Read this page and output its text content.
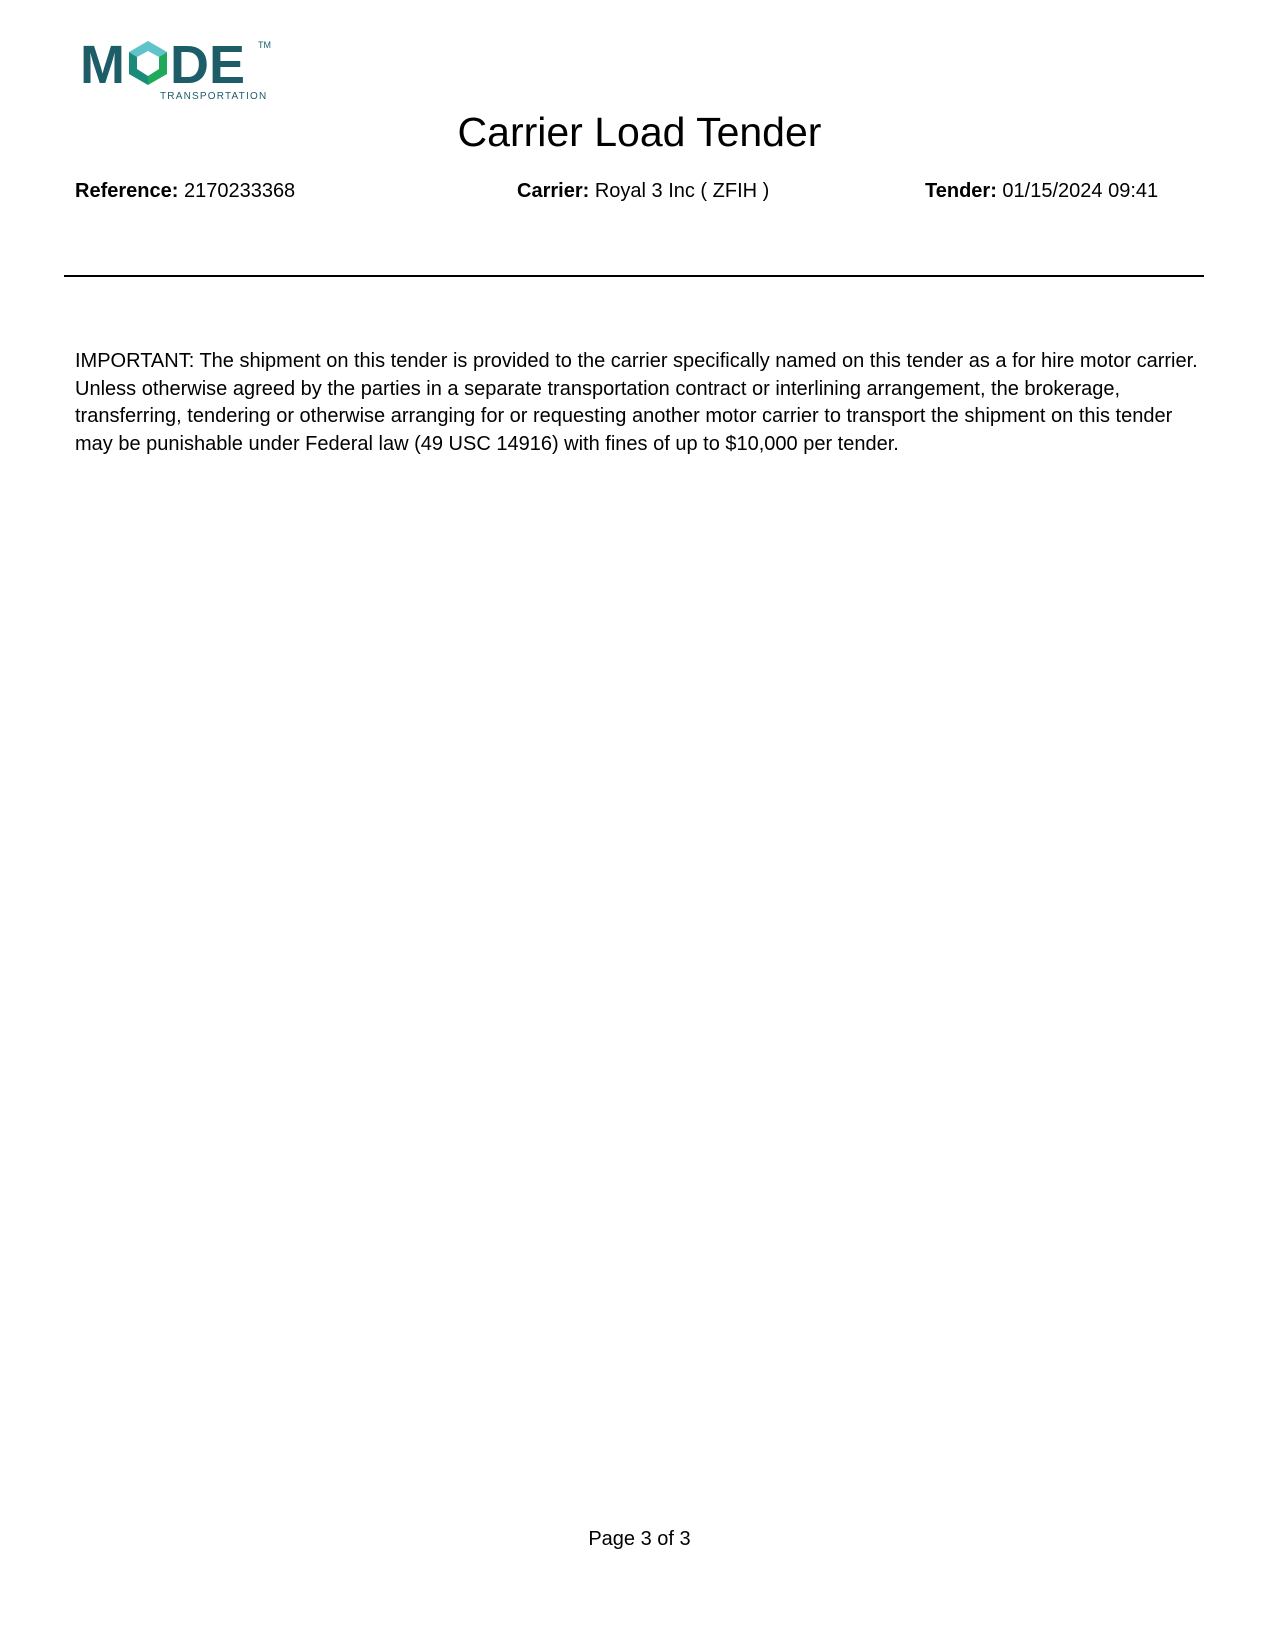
M DE TM
TRANSPORTATION
Carrier Load Tender
Reference: 2170233368	Carrier: Royal 3 Inc ( ZFIH )	Tender: 01/15/2024 09:41

IMPORTANT: The shipment on this tender is provided to the carrier specifically named on this tender as a for hire motor carrier. Unless otherwise agreed by the parties in a separate transportation contract or interlining arrangement, the brokerage, transferring, tendering or otherwise arranging for or requesting another motor carrier to transport the shipment on this tender may be punishable under Federal law (49 USC 14916) with fines of up to $10,000 per tender.

Page 3 of 3
